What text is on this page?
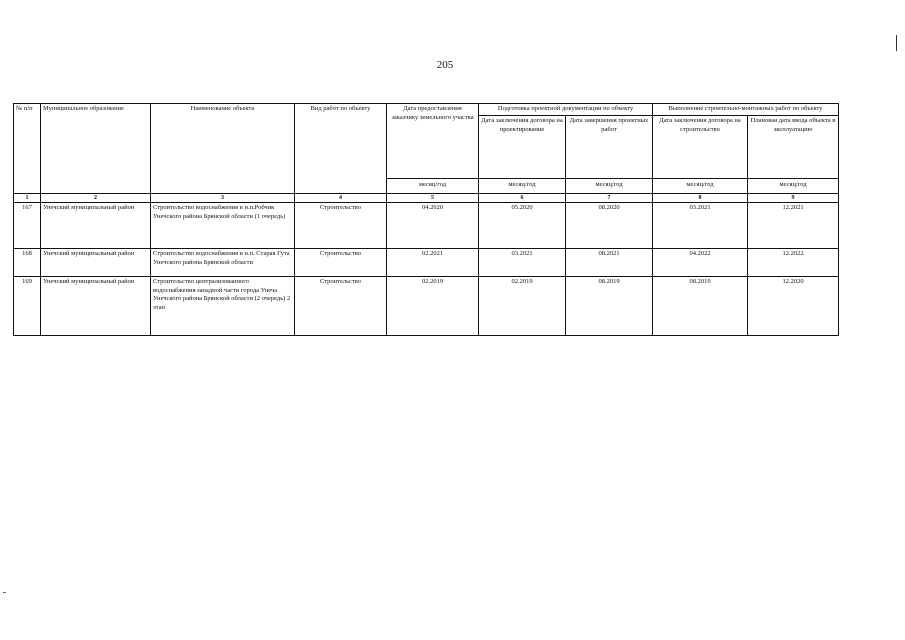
205
№ п/п	Муниципальное образование	Наименование объекта	Вид работ по объекту	Дата предоставления заказчику земельного участка	Подготовка проектной документации по объекту		Выполнение строительно-монтажных работ по объекту	
					Дата заключения договора на проектирование	Дата завершения проектных работ	Дата заключения договора на строительство	Плановая дата ввода объекта в эксплуатацию
				месяц/год	месяц/год	месяц/год	месяц/год	месяц/год
1	2	3	4	5	6	7	8	9
167	Унечский муниципальный район	Строительство водоснабжения в н.п.Робчик Унечского района Брянской области (1 очередь)	Строительство	04.2020	05.2020	08.2020	03.2021	12.2021
168	Унечский муниципальный район	Строительство водоснабжения в н.п. Старая Гута Унечского района Брянской области	Строительство	02.2021	03.2021	08.2021	04.2022	12.2022
169	Унечский муниципальный район	Строительство централизованного водоснабжения западной части города Унеча Унечского района Брянской области (2 очередь) 2 этап	Строительство	02.2019	02.2019	08.2019	08.2019	12.2020
